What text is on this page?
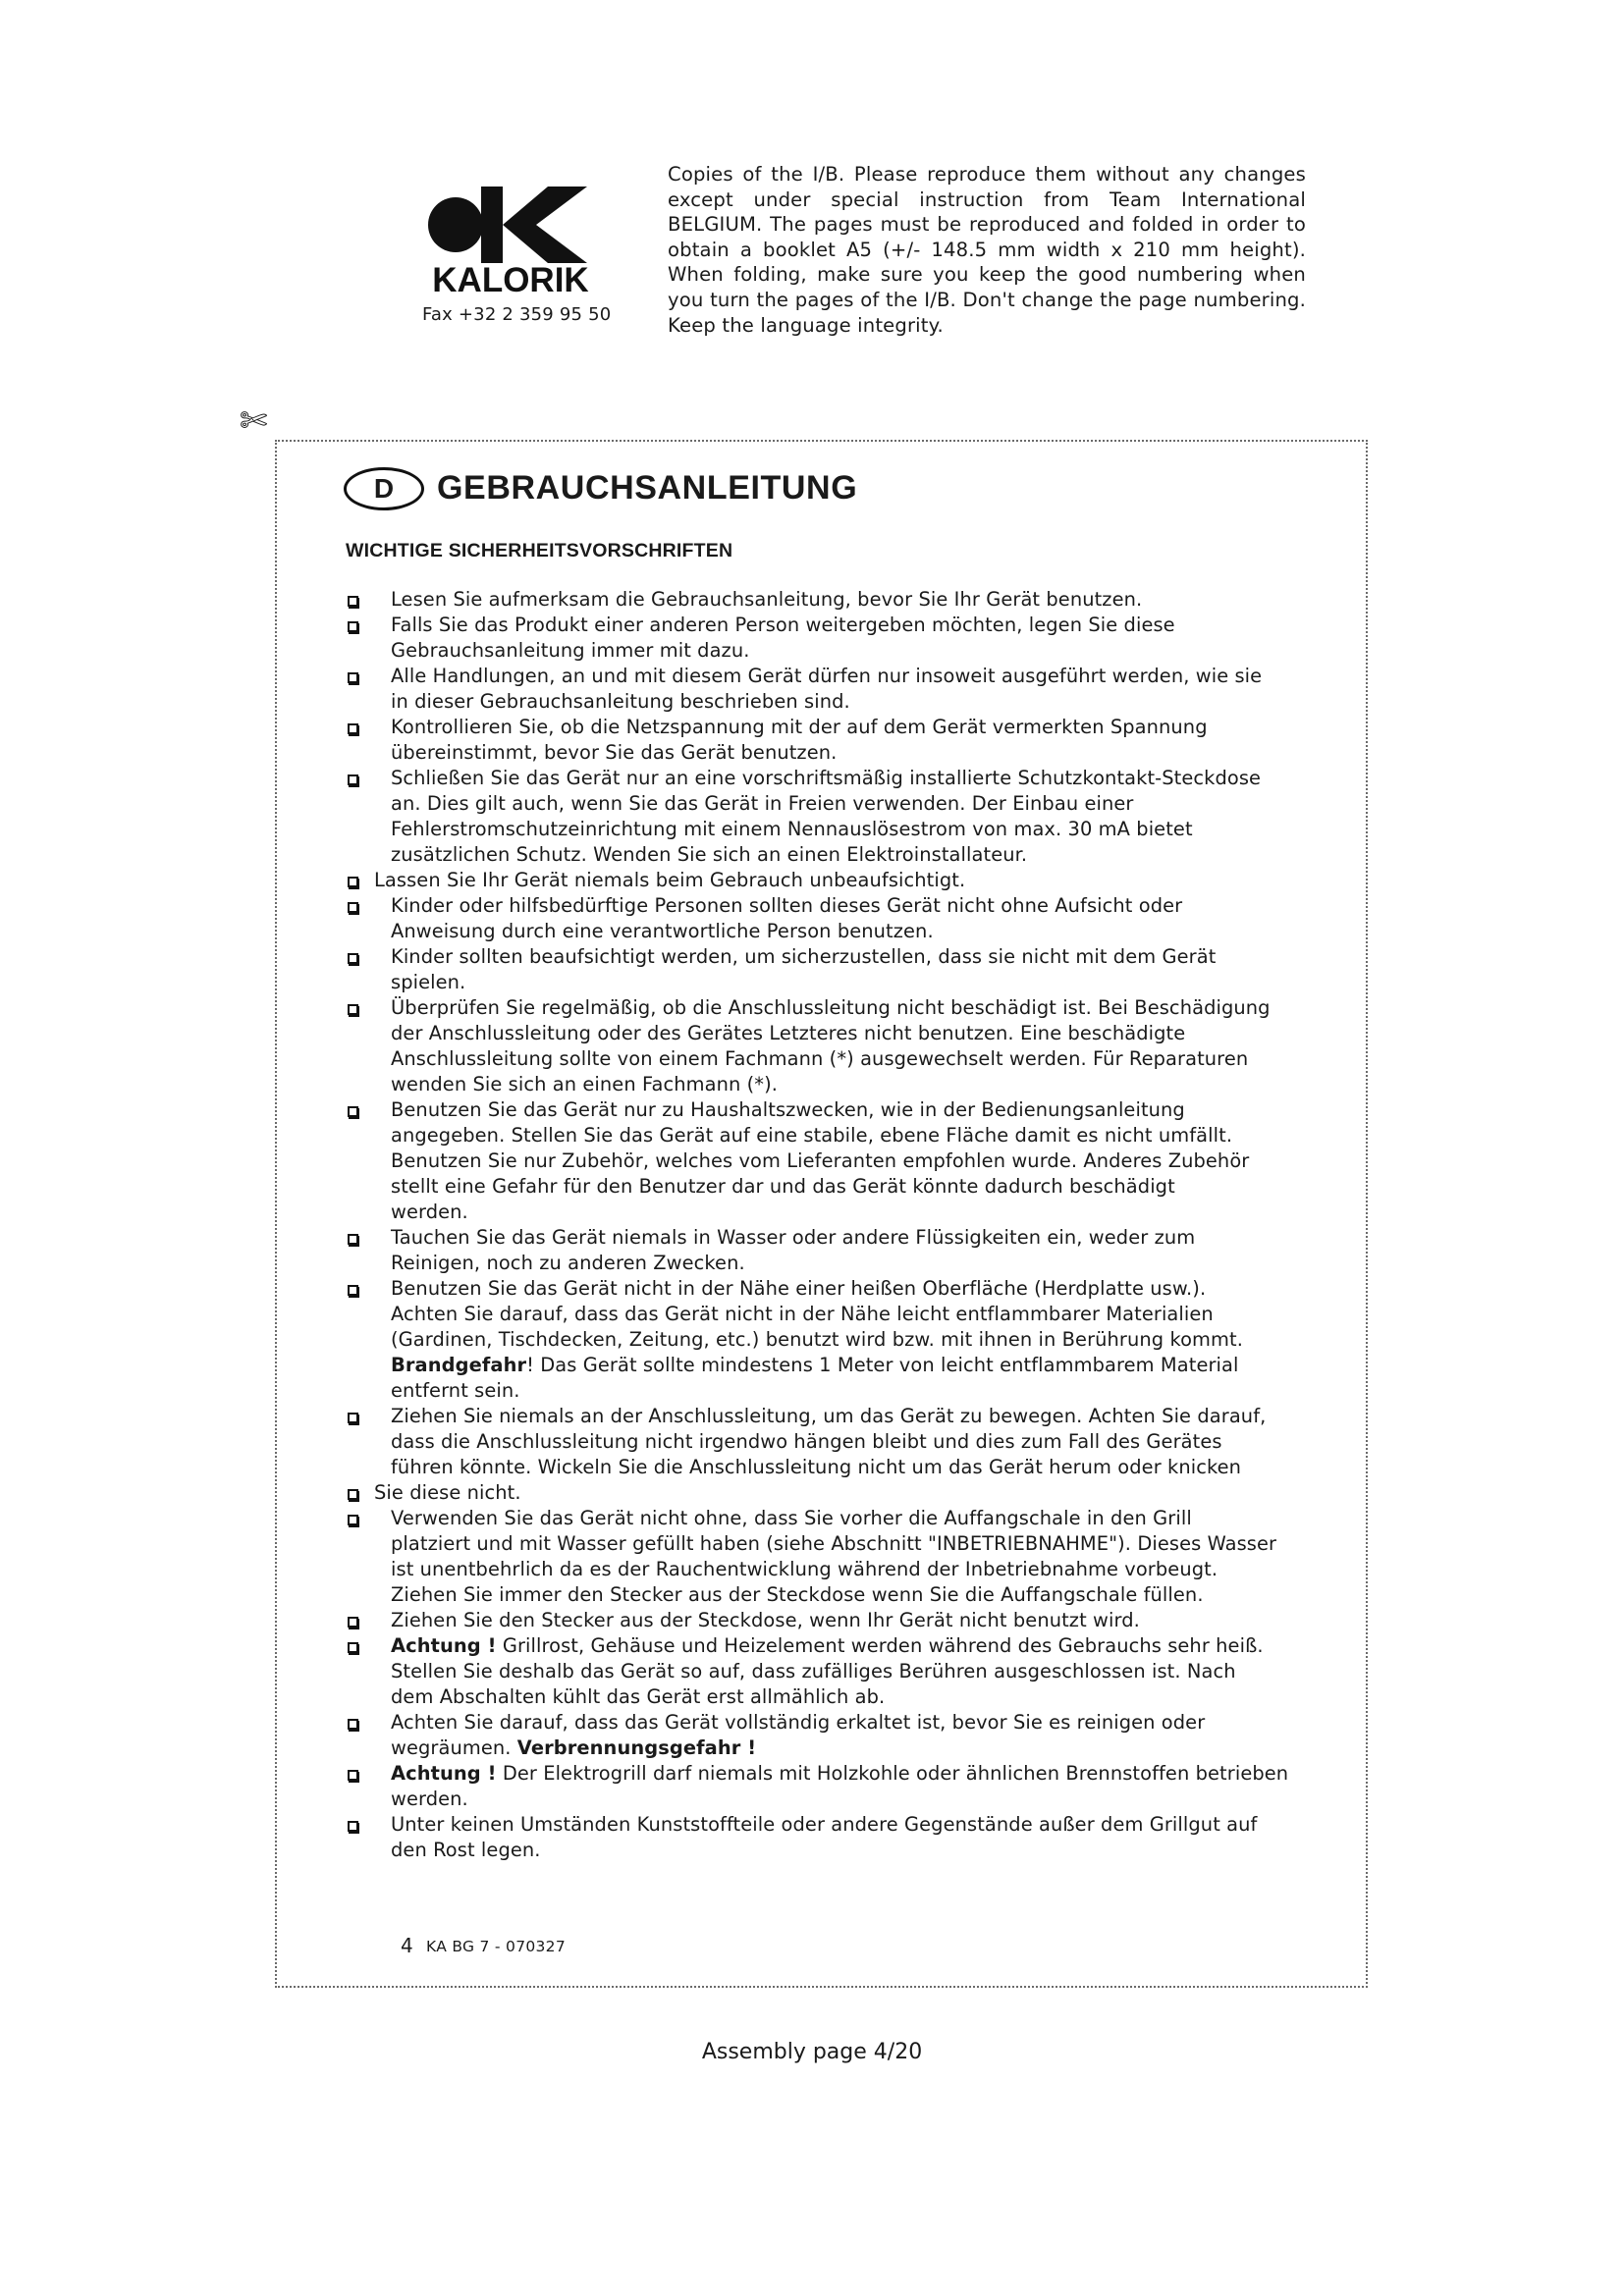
KALORIK
Fax +32 2 359 95 50
Copies of the I/B. Please reproduce them without any changes except under special instruction from Team International BELGIUM. The pages must be reproduced and folded in order to obtain a booklet A5 (+/- 148.5 mm width x 210 mm height). When folding, make sure you keep the good numbering when you turn the pages of the I/B. Don't change the page numbering. Keep the language integrity.
✄
D	GEBRAUCHSANLEITUNG
WICHTIGE SICHERHEITSVORSCHRIFTEN
Lesen Sie aufmerksam die Gebrauchsanleitung, bevor Sie Ihr Gerät benutzen.
Falls Sie das Produkt einer anderen Person weitergeben möchten, legen Sie diese
Gebrauchsanleitung immer mit dazu.
Alle Handlungen, an und mit diesem Gerät dürfen nur insoweit ausgeführt werden, wie sie
in dieser Gebrauchsanleitung beschrieben sind.
Kontrollieren Sie, ob die Netzspannung mit der auf dem Gerät vermerkten Spannung
übereinstimmt, bevor Sie das Gerät benutzen.
Schließen Sie das Gerät nur an eine vorschriftsmäßig installierte Schutzkontakt-Steckdose
an. Dies gilt auch, wenn Sie das Gerät in Freien verwenden. Der Einbau einer
Fehlerstromschutzeinrichtung mit einem Nennauslösestrom von max. 30 mA bietet
zusätzlichen Schutz. Wenden Sie sich an einen Elektroinstallateur.
Lassen Sie Ihr Gerät niemals beim Gebrauch unbeaufsichtigt.
Kinder oder hilfsbedürftige Personen sollten dieses Gerät nicht ohne Aufsicht oder
Anweisung durch eine verantwortliche Person benutzen.
Kinder sollten beaufsichtigt werden, um sicherzustellen, dass sie nicht mit dem Gerät
spielen.
Überprüfen Sie regelmäßig, ob die Anschlussleitung nicht beschädigt ist. Bei Beschädigung
der Anschlussleitung oder des Gerätes Letzteres nicht benutzen. Eine beschädigte
Anschlussleitung sollte von einem Fachmann (*) ausgewechselt werden. Für Reparaturen
wenden Sie sich an einen Fachmann (*).
Benutzen Sie das Gerät nur zu Haushaltszwecken, wie in der Bedienungsanleitung
angegeben. Stellen Sie das Gerät auf eine stabile, ebene Fläche damit es nicht umfällt.
Benutzen Sie nur Zubehör, welches vom Lieferanten empfohlen wurde. Anderes Zubehör
stellt eine Gefahr für den Benutzer dar und das Gerät könnte dadurch beschädigt
werden.
Tauchen Sie das Gerät niemals in Wasser oder andere Flüssigkeiten ein, weder zum
Reinigen, noch zu anderen Zwecken.
Benutzen Sie das Gerät nicht in der Nähe einer heißen Oberfläche (Herdplatte usw.).
Achten Sie darauf, dass das Gerät nicht in der Nähe leicht entflammbarer Materialien
(Gardinen, Tischdecken, Zeitung, etc.) benutzt wird bzw. mit ihnen in Berührung kommt.
Brandgefahr! Das Gerät sollte mindestens 1 Meter von leicht entflammbarem Material
entfernt sein.
Ziehen Sie niemals an der Anschlussleitung, um das Gerät zu bewegen. Achten Sie darauf,
dass die Anschlussleitung nicht irgendwo hängen bleibt und dies zum Fall des Gerätes
führen könnte. Wickeln Sie die Anschlussleitung nicht um das Gerät herum oder knicken
Sie diese nicht.
Verwenden Sie das Gerät nicht ohne, dass Sie vorher die Auffangschale in den Grill
platziert und mit Wasser gefüllt haben (siehe Abschnitt "INBETRIEBNAHME"). Dieses Wasser
ist unentbehrlich da es der Rauchentwicklung während der Inbetriebnahme vorbeugt.
Ziehen Sie immer den Stecker aus der Steckdose wenn Sie die Auffangschale füllen.
Ziehen Sie den Stecker aus der Steckdose, wenn Ihr Gerät nicht benutzt wird.
Achtung ! Grillrost, Gehäuse und Heizelement werden während des Gebrauchs sehr heiß.
Stellen Sie deshalb das Gerät so auf, dass zufälliges Berühren ausgeschlossen ist. Nach
dem Abschalten kühlt das Gerät erst allmählich ab.
Achten Sie darauf, dass das Gerät vollständig erkaltet ist, bevor Sie es reinigen oder
wegräumen. Verbrennungsgefahr !
Achtung ! Der Elektrogrill darf niemals mit Holzkohle oder ähnlichen Brennstoffen betrieben
werden.
Unter keinen Umständen Kunststoffteile oder andere Gegenstände außer dem Grillgut auf
den Rost legen.
4 KA BG 7 - 070327
Assembly page 4/20
